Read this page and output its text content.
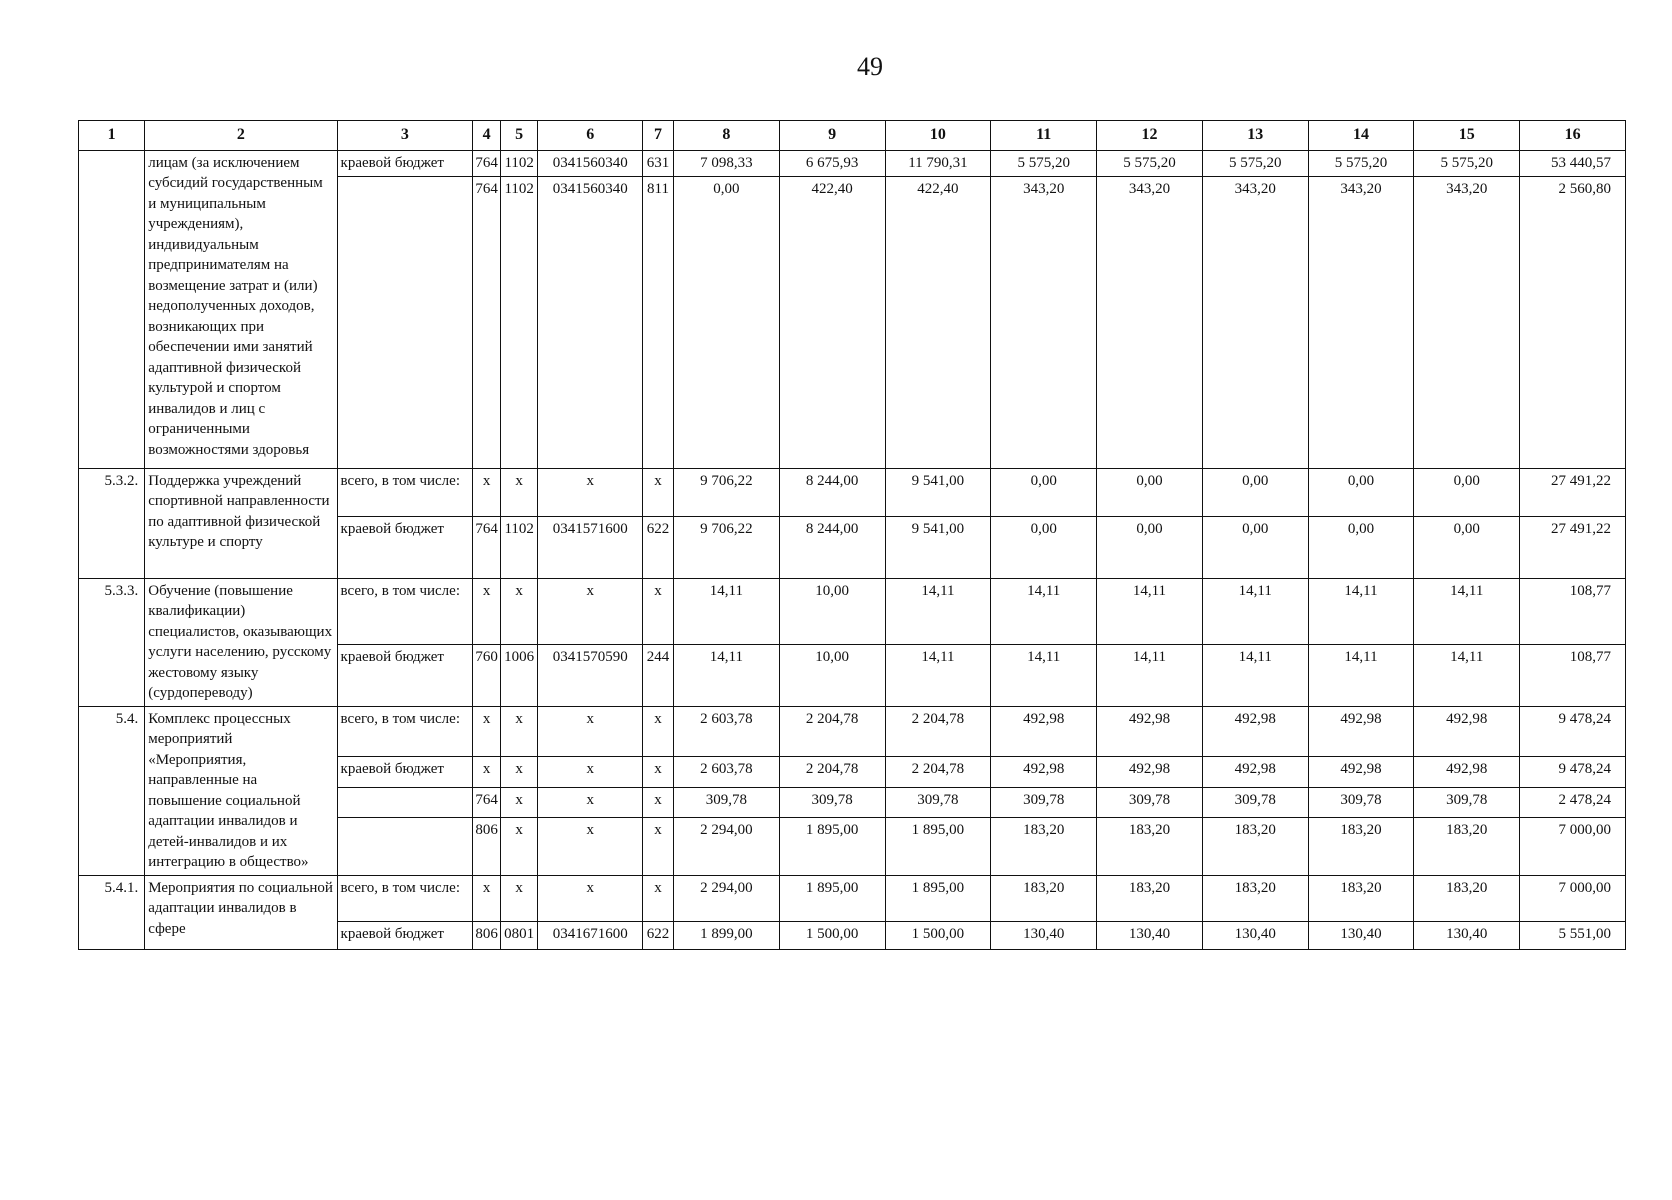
49
1	2	3	4	5	6	7	8	9	10	11	12	13	14	15	16
	лицам (за исключением субсидий государственным и муниципальным учреждениям), индивидуальным предпринимателям на возмещение затрат и (или) недополученных доходов, возникающих при обеспечении ими занятий адаптивной физической культурой и спортом инвалидов и лиц с ограниченными возможностями здоровья	краевой бюджет	764	1102	0341560340	631	7 098,33	6 675,93	11 790,31	5 575,20	5 575,20	5 575,20	5 575,20	5 575,20	53 440,57
			764	1102	0341560340	811	0,00	422,40	422,40	343,20	343,20	343,20	343,20	343,20	2 560,80
5.3.2.	Поддержка учреждений спортивной направленности по адаптивной физической культуре и спорту	всего, в том числе:	х	х	х	х	9 706,22	8 244,00	9 541,00	0,00	0,00	0,00	0,00	0,00	27 491,22
		краевой бюджет	764	1102	0341571600	622	9 706,22	8 244,00	9 541,00	0,00	0,00	0,00	0,00	0,00	27 491,22
5.3.3.	Обучение (повышение квалификации) специалистов, оказывающих услуги населению, русскому жестовому языку (сурдопереводу)	всего, в том числе:	х	х	х	х	14,11	10,00	14,11	14,11	14,11	14,11	14,11	14,11	108,77
		краевой бюджет	760	1006	0341570590	244	14,11	10,00	14,11	14,11	14,11	14,11	14,11	14,11	108,77
5.4.	Комплекс процессных мероприятий «Мероприятия, направленные на повышение социальной адаптации инвалидов и детей-инвалидов и их интеграцию в общество»	всего, в том числе:	х	х	х	х	2 603,78	2 204,78	2 204,78	492,98	492,98	492,98	492,98	492,98	9 478,24
		краевой бюджет	х	х	х	х	2 603,78	2 204,78	2 204,78	492,98	492,98	492,98	492,98	492,98	9 478,24
			764	х	х	х	309,78	309,78	309,78	309,78	309,78	309,78	309,78	309,78	2 478,24
			806	х	х	х	2 294,00	1 895,00	1 895,00	183,20	183,20	183,20	183,20	183,20	7 000,00
5.4.1.	Мероприятия по социальной адаптации инвалидов в сфере	всего, в том числе:	х	х	х	х	2 294,00	1 895,00	1 895,00	183,20	183,20	183,20	183,20	183,20	7 000,00
		краевой бюджет	806	0801	0341671600	622	1 899,00	1 500,00	1 500,00	130,40	130,40	130,40	130,40	130,40	5 551,00
